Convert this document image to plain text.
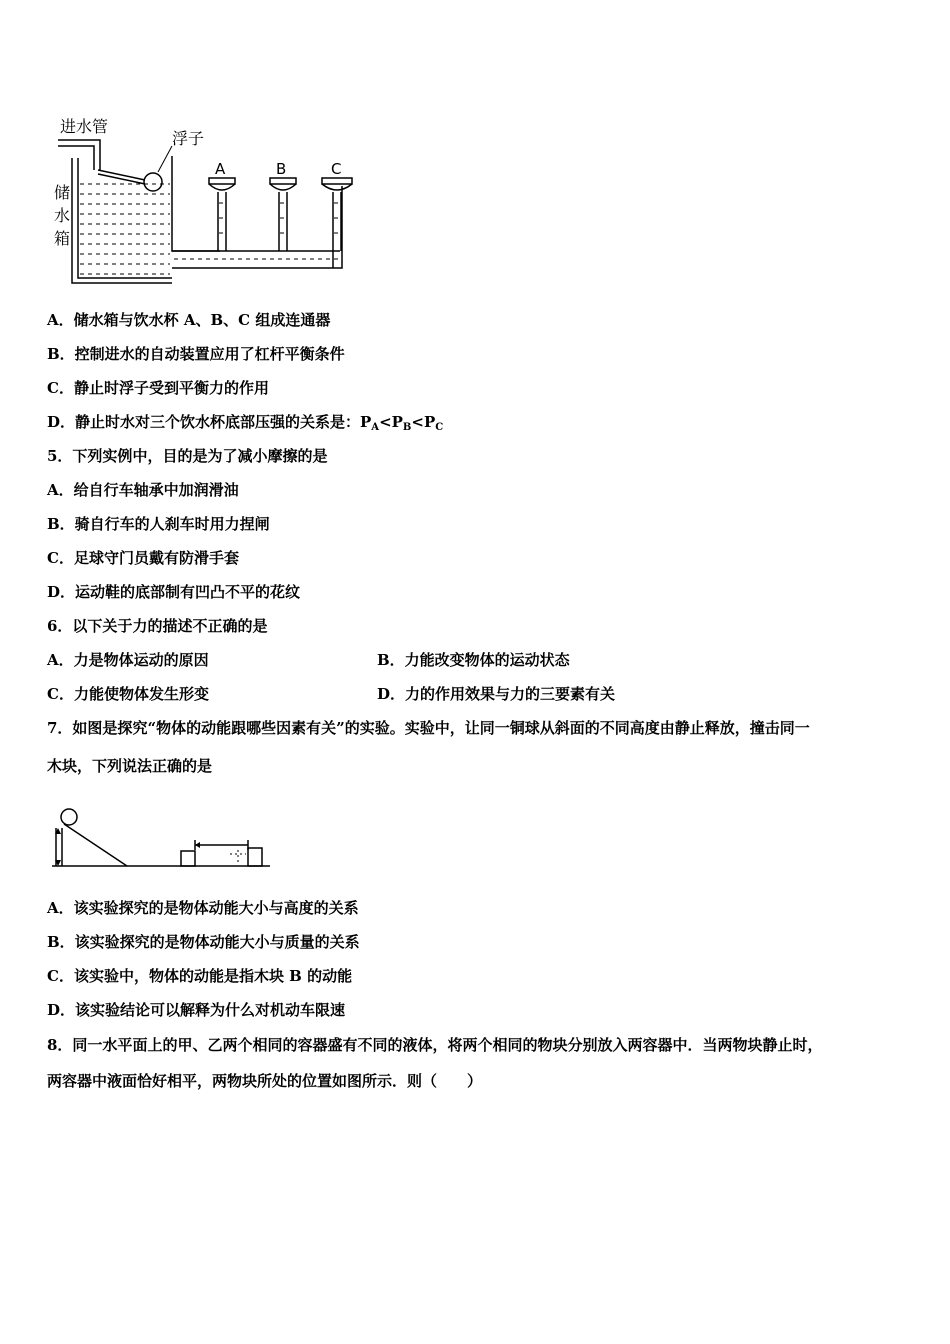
进水管
浮子
储
水
箱
A	B	C
A．储水箱与饮水杯 A、B、C 组成连通器
B．控制进水的自动装置应用了杠杆平衡条件
C．静止时浮子受到平衡力的作用
D．静止时水对三个饮水杯底部压强的关系是：$P_A<P_B<P_C$
5．下列实例中，目的是为了减小摩擦的是
A．给自行车轴承中加润滑油
B．骑自行车的人刹车时用力捏闸
C．足球守门员戴有防滑手套
D．运动鞋的底部制有凹凸不平的花纹
6．以下关于力的描述不正确的是
A．力是物体运动的原因	B．力能改变物体的运动状态
C．力能使物体发生形变	D．力的作用效果与力的三要素有关
7．如图是探究“物体的动能跟哪些因素有关”的实验。实验中，让同一铜球从斜面的不同高度由静止释放，撞击同一
木块，下列说法正确的是
A．该实验探究的是物体动能大小与高度的关系
B．该实验探究的是物体动能大小与质量的关系
C．该实验中，物体的动能是指木块 B 的动能
D．该实验结论可以解释为什么对机动车限速
8．同一水平面上的甲、乙两个相同的容器盛有不同的液体，将两个相同的物块分别放入两容器中．当两物块静止时，
两容器中液面恰好相平，两物块所处的位置如图所示．则（　　）
